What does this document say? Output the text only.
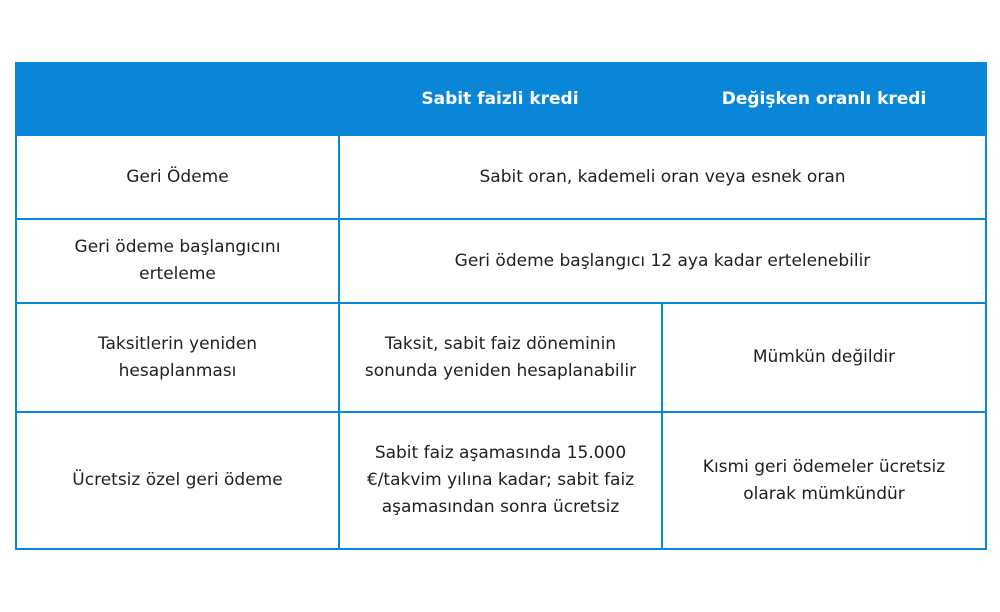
	Sabit faizli kredi	Değişken oranlı kredi
Geri Ödeme	Sabit oran, kademeli oran veya esnek oran	
Geri ödeme başlangıcını erteleme	Geri ödeme başlangıcı 12 aya kadar ertelenebilir	
Taksitlerin yeniden hesaplanması	Taksit, sabit faiz döneminin sonunda yeniden hesaplanabilir	Mümkün değildir
Ücretsiz özel geri ödeme	Sabit faiz aşamasında 15.000 €/takvim yılına kadar; sabit faiz aşamasından sonra ücretsiz	Kısmi geri ödemeler ücretsiz olarak mümkündür
